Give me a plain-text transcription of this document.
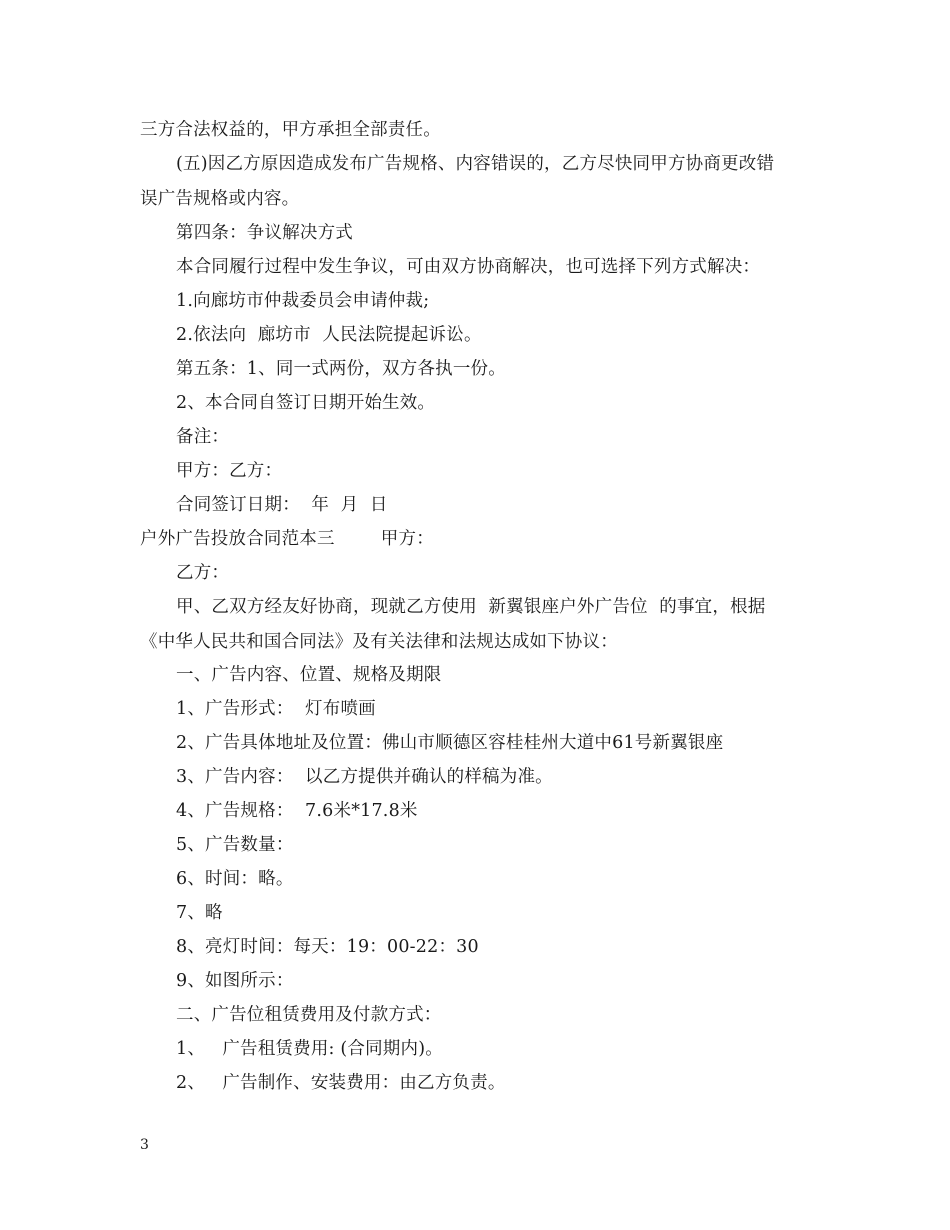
三方合法权益的，甲方承担全部责任。
(五)因乙方原因造成发布广告规格、内容错误的，乙方尽快同甲方协商更改错
误广告规格或内容。
第四条：争议解决方式
本合同履行过程中发生争议，可由双方协商解决，也可选择下列方式解决：
1.向廊坊市仲裁委员会申请仲裁;
2.依法向  廊坊市  人民法院提起诉讼。
第五条：1、同一式两份，双方各执一份。
2、本合同自签订日期开始生效。
备注：
甲方：乙方：
合同签订日期：  年  月  日
户外广告投放合同范本三        甲方：
乙方：
甲、乙双方经友好协商，现就乙方使用  新翼银座户外广告位  的事宜，根据
《中华人民共和国合同法》及有关法律和法规达成如下协议：
一、广告内容、位置、规格及期限
1、广告形式：  灯布喷画
2、广告具体地址及位置：佛山市顺德区容桂桂州大道中61号新翼银座
3、广告内容：  以乙方提供并确认的样稿为准。
4、广告规格：  7.6米*17.8米
5、广告数量：
6、时间：略。
7、略
8、亮灯时间：每天：19：00-22：30
9、如图所示：
二、广告位租赁费用及付款方式：
1、   广告租赁费用: (合同期内)。
2、   广告制作、安装费用：由乙方负责。
3
